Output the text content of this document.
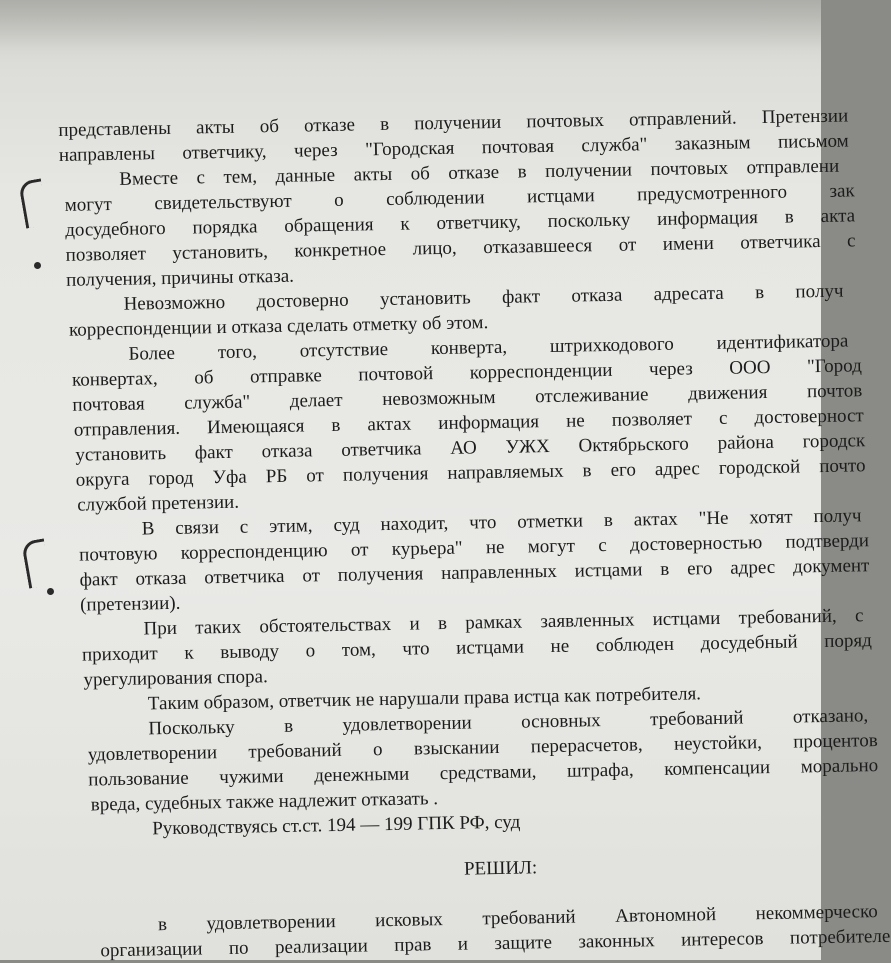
представлены акты об отказе в получении почтовых отправлений. Претензии
направлены ответчику, через "Городская почтовая служба" заказным письмом
Вместе с тем, данные акты об отказе в получении почтовых отправлени
могут свидетельствуют о соблюдении истцами предусмотренного зак
досудебного порядка обращения к ответчику, поскольку информация в акта
позволяет установить, конкретное лицо, отказавшееся от имени ответчика с
получения, причины отказа.
Невозможно достоверно установить факт отказа адресата в получ
корреспонденции и отказа сделать отметку об этом.
Более того, отсутствие конверта, штрихкодового идентификатора
конвертах, об отправке почтовой корреспонденции через ООО "Город
почтовая служба" делает невозможным отслеживание движения почтов
отправления. Имеющаяся в актах информация не позволяет с достоверност
установить факт отказа ответчика АО УЖХ Октябрьского района городск
округа город Уфа РБ от получения направляемых в его адрес городской почто
службой претензии.
В связи с этим, суд находит, что отметки в актах "Не хотят получ
почтовую корреспонденцию от курьера" не могут с достоверностью подтверди
факт отказа ответчика от получения направленных истцами в его адрес документ
(претензии).
При таких обстоятельствах и в рамках заявленных истцами требований, с
приходит к выводу о том, что истцами не соблюден досудебный поряд
урегулирования спора.
Таким образом, ответчик не нарушали права истца как потребителя.
Поскольку	в	удовлетворении	основных	требований	отказано,
удовлетворении требований о взыскании перерасчетов, неустойки, процентов
пользование чужими денежными средствами, штрафа, компенсации морально
вреда, судебных также надлежит отказать .
Руководствуясь ст.ст. 194 — 199 ГПК РФ, суд
РЕШИЛ:
в удовлетворении исковых требований Автономной некоммерческо
организации по реализации прав и защите законных интересов потребителе
